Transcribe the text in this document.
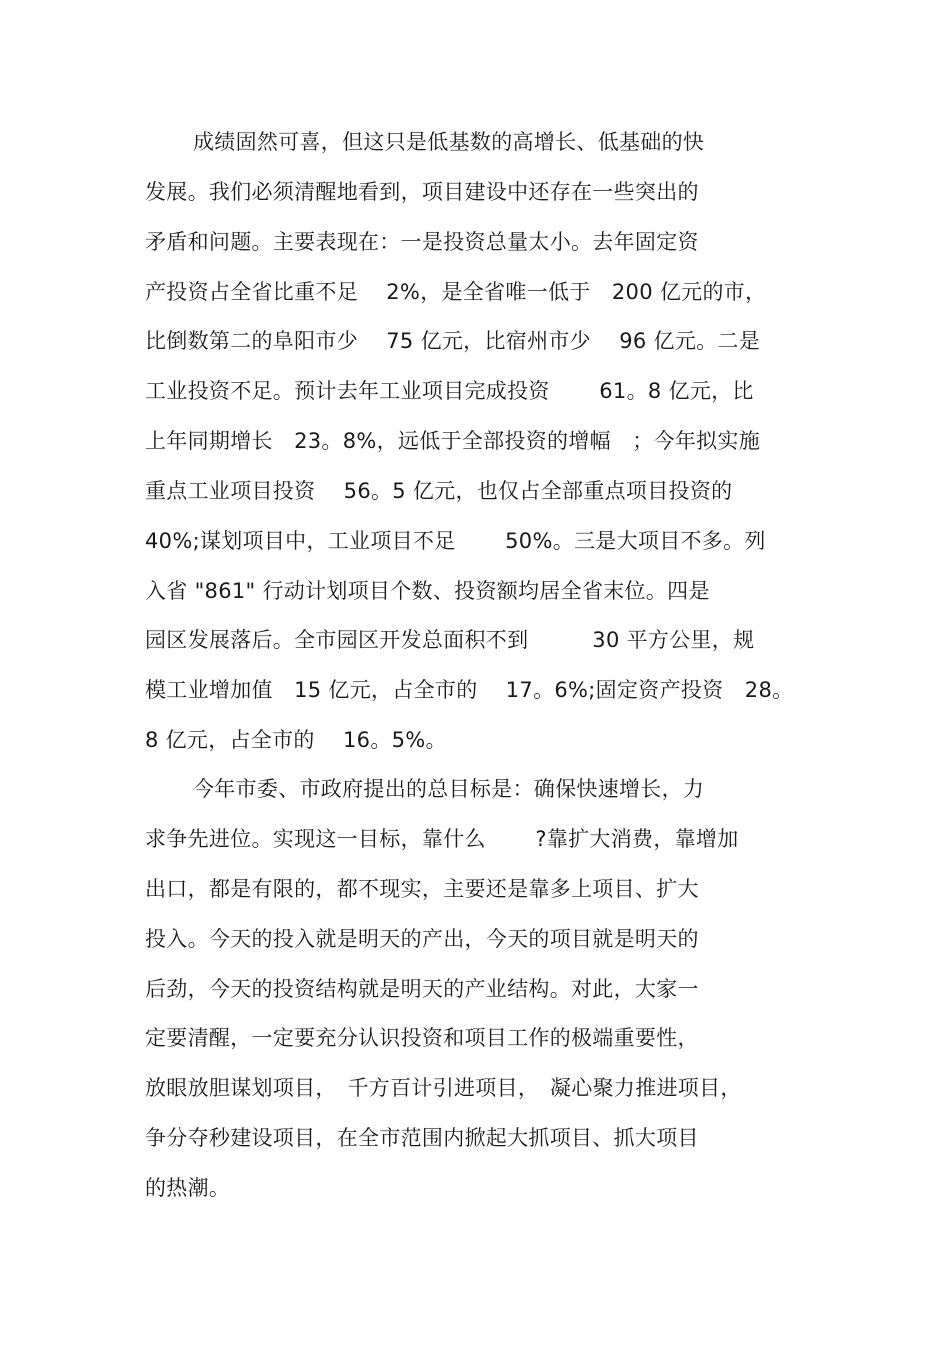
成绩固然可喜，但这只是低基数的高增长、低基础的快
发展。我们必须清醒地看到，项目建设中还存在一些突出的
矛盾和问题。主要表现在：一是投资总量太小。去年固定资
产投资占全省比重不足　 2%，是全省唯一低于　200 亿元的市，
比倒数第二的阜阳市少　 75 亿元，比宿州市少　 96 亿元。二是
工业投资不足。预计去年工业项目完成投资　　 61。8 亿元，比
上年同期增长　23。8%，远低于全部投资的增幅　；今年拟实施
重点工业项目投资　 56。5 亿元，也仅占全部重点项目投资的
40%;谋划项目中，工业项目不足　　 50%。三是大项目不多。列
入省 "861" 行动计划项目个数、投资额均居全省末位。四是
园区发展落后。全市园区开发总面积不到　　　30 平方公里，规
模工业增加值　15 亿元，占全市的　 17。6%;固定资产投资　28。
8 亿元，占全市的　 16。5%。
今年市委、市政府提出的总目标是：确保快速增长，力
求争先进位。实现这一目标，靠什么　　 ?靠扩大消费，靠增加
出口，都是有限的，都不现实，主要还是靠多上项目、扩大
投入。今天的投入就是明天的产出，今天的项目就是明天的
后劲，今天的投资结构就是明天的产业结构。对此，大家一
定要清醒，一定要充分认识投资和项目工作的极端重要性，
放眼放胆谋划项目，　千方百计引进项目，　凝心聚力推进项目，
争分夺秒建设项目，在全市范围内掀起大抓项目、抓大项目
的热潮。
